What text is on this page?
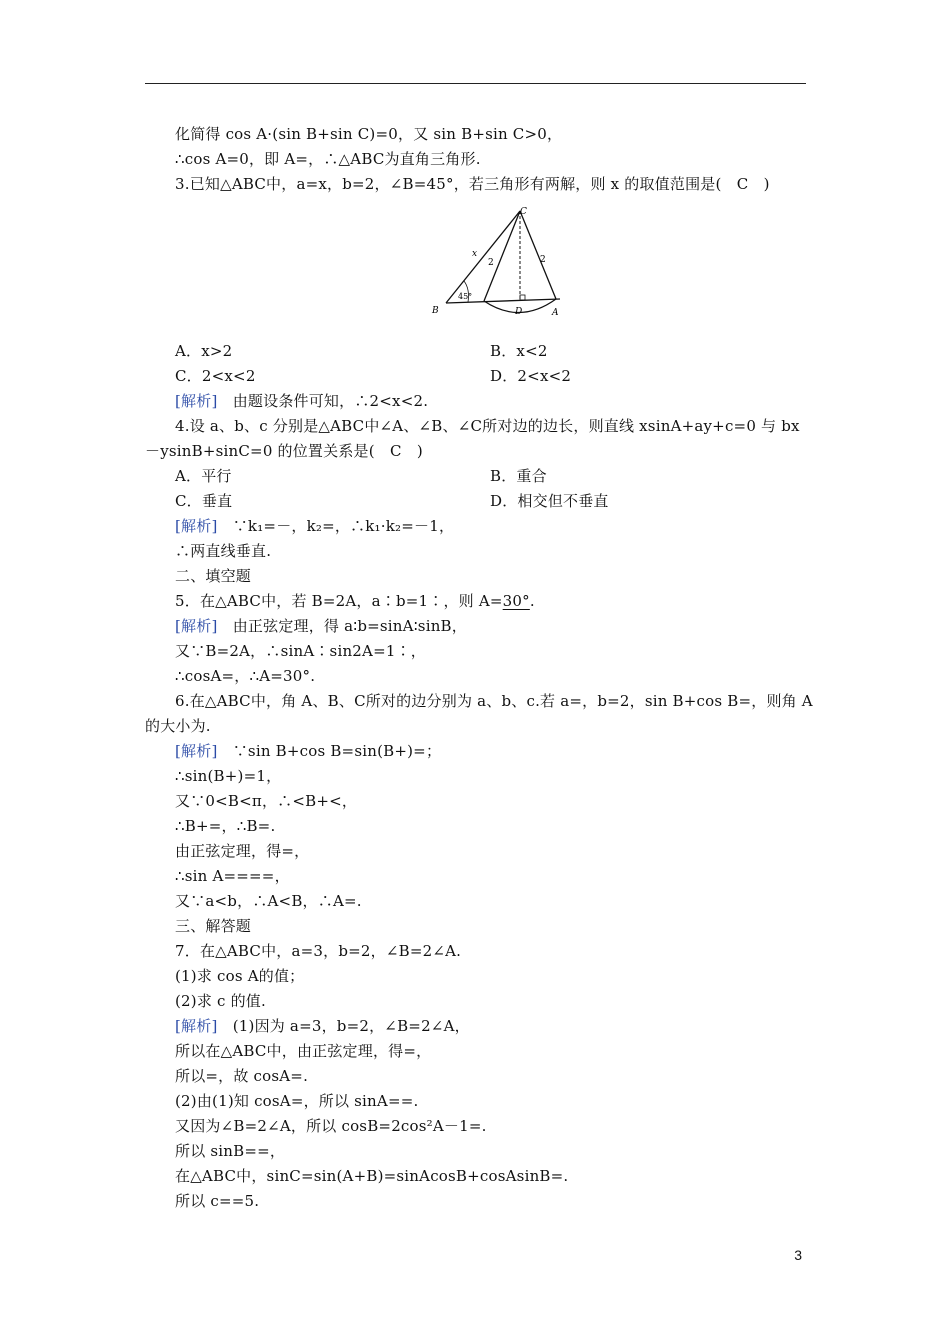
化简得 cos A·(sin B+sin C)=0，又 sin B+sin C>0，
∴cos A=0，即 A=，∴△ABC为直角三角形.
3.已知△ABC中，a=x，b=2，∠B=45°，若三角形有两解，则 x 的取值范围是(　C　)
B	A
C
D
x
2	2
45°
A．x>2	B．x<2
C．2<x<2	D．2<x<2
[解析]　 由题设条件可知，∴2<x<2.
4.设 a、b、c 分别是△ABC中∠A、∠B、∠C所对边的边长，则直线 xsinA+ay+c=0 与 bx
－ysinB+sinC=0 的位置关系是(　C　)
A．平行	B．重合
C．垂直	D．相交但不垂直
[解析]　 ∵k₁=－，k₂=，∴k₁·k₂=－1，
∴两直线垂直.
二、填空题
5．在△ABC中，若 B=2A，a∶b=1∶，则 A=30°.
[解析]　 由正弦定理，得 a∶b=sinA∶sinB，
又∵B=2A，∴sinA∶sin2A=1∶，
∴cosA=，∴A=30°.
6.在△ABC中，角 A、B、C所对的边分别为 a、b、c.若 a=，b=2，sin B+cos B=，则角 A
的大小为.
[解析]　 ∵sin B+cos B=sin(B+)=；
∴sin(B+)=1，
又∵0<B<π，∴<B+<，
∴B+=，∴B=.
由正弦定理，得=，
∴sin A====，
又∵a<b，∴A<B，∴A=.
三、解答题
7．在△ABC中，a=3，b=2，∠B=2∠A.
(1)求 cos A的值；
(2)求 c 的值.
[解析]　 (1)因为 a=3，b=2，∠B=2∠A，
所以在△ABC中，由正弦定理，得=，
所以=，故 cosA=.
(2)由(1)知 cosA=，所以 sinA==.
又因为∠B=2∠A，所以 cosB=2cos²A－1=.
所以 sinB==，
在△ABC中，sinC=sin(A+B)=sinAcosB+cosAsinB=.
所以 c==5.
3
